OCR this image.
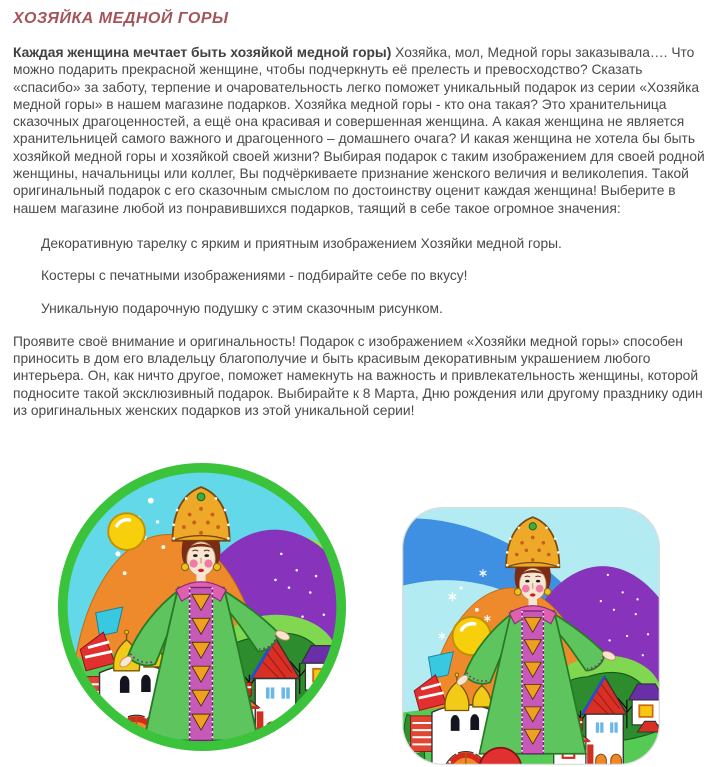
ХОЗЯЙКА МЕДНОЙ ГОРЫ

Каждая женщина мечтает быть хозяйкой медной горы) Хозяйка, мол, Медной горы заказывала…. Что можно подарить прекрасной женщине, чтобы подчеркнуть её прелесть и превосходство? Сказать «спасибо» за заботу, терпение и очаровательность легко поможет уникальный подарок из серии «Хозяйка медной горы» в нашем магазине подарков. Хозяйка медной горы - кто она такая? Это хранительница сказочных драгоценностей, а ещё она красивая и совершенная женщина. А какая женщина не является хранительницей самого важного и драгоценного – домашнего очага? И какая женщина не хотела бы быть хозяйкой медной горы и хозяйкой своей жизни? Выбирая подарок с таким изображением для своей родной женщины, начальницы или коллег, Вы подчёркиваете признание женского величия и великолепия. Такой оригинальный подарок с его сказочным смыслом по достоинству оценит каждая женщина! Выберите в нашем магазине любой из понравившихся подарков, таящий в себе такое огромное значения:

Декоративную тарелку с ярким и приятным изображением Хозяйки медной горы.
Костеры с печатными изображениями - подбирайте себе по вкусу!
Уникальную подарочную подушку с этим сказочным рисунком.

Проявите своё внимание и оригинальность! Подарок с изображением «Хозяйки медной горы» способен приносить в дом его владельцу благополучие и быть красивым декоративным украшением любого интерьера. Он, как ничто другое, поможет намекнуть на важность и привлекательность женщины, которой подносите такой эксклюзивный подарок. Выбирайте к 8 Марта, Дню рождения или другому празднику один из оригинальных женских подарков из этой уникальной серии!
